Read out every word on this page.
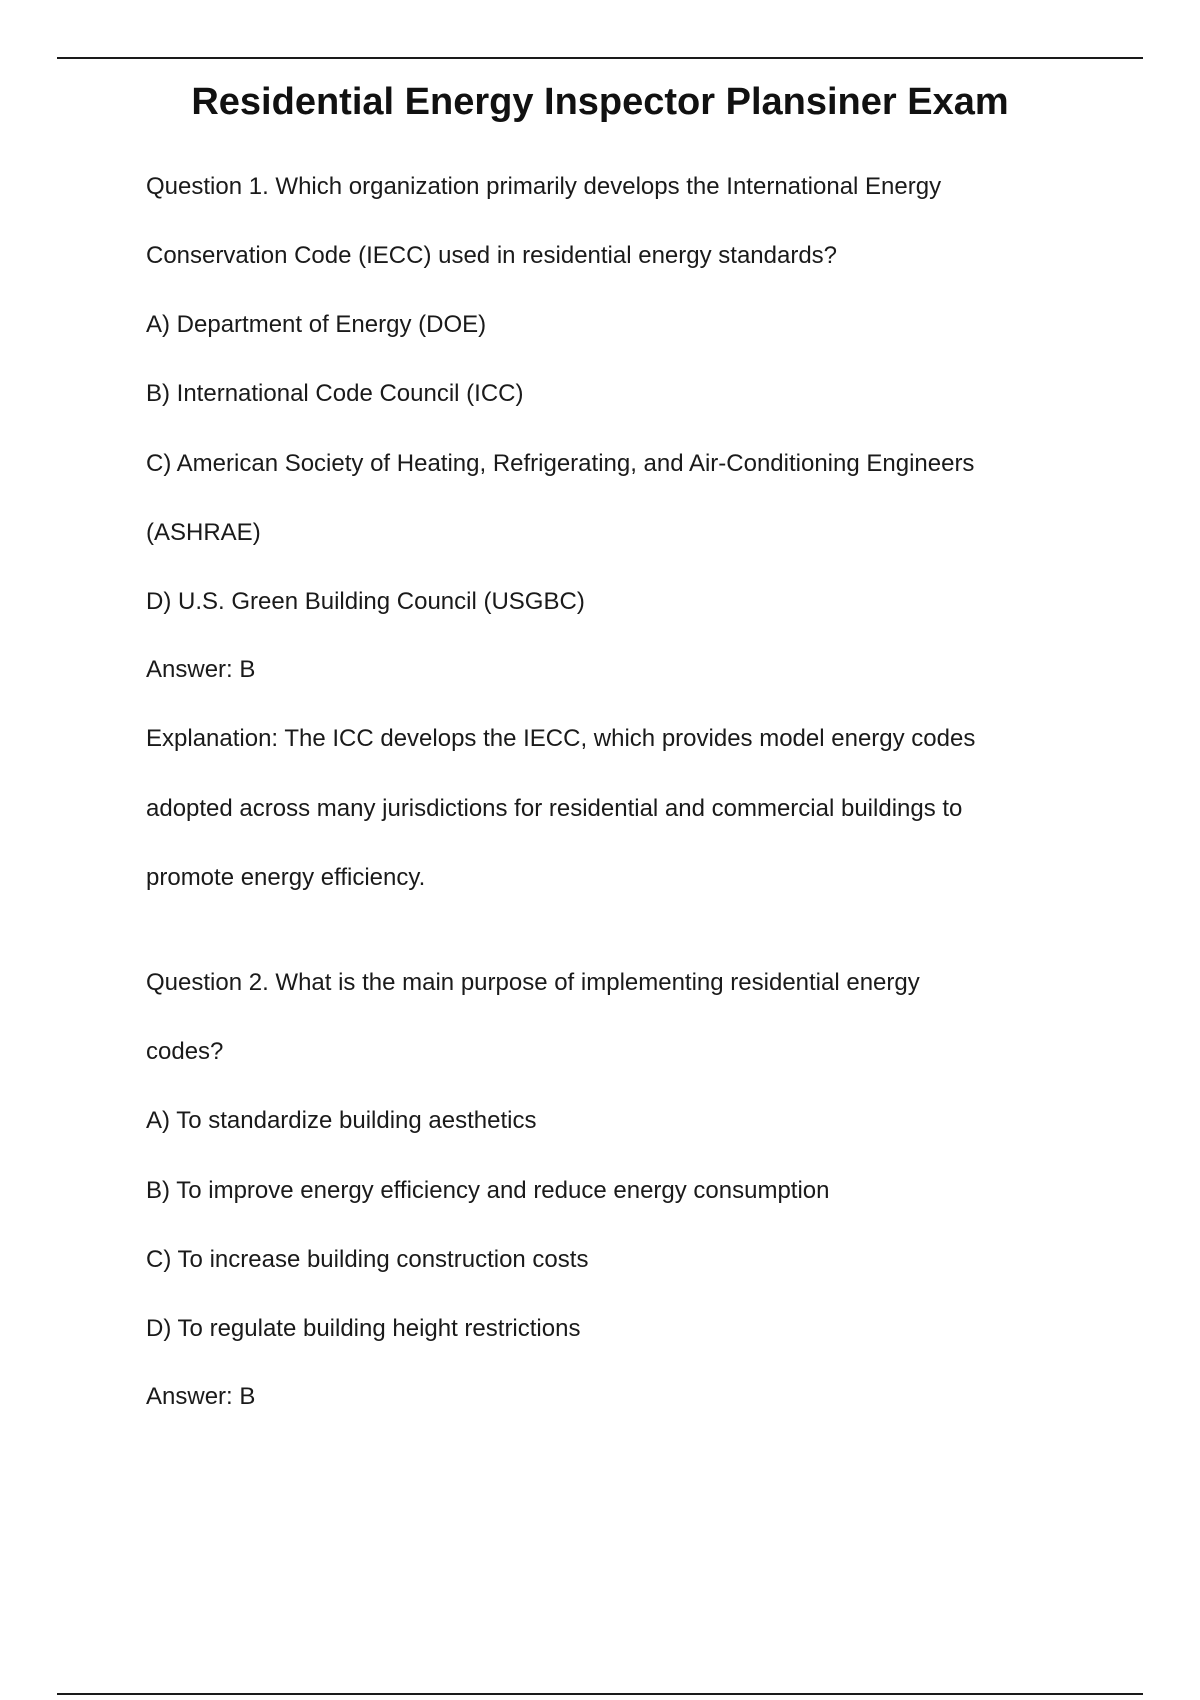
Residential Energy Inspector Plansiner Exam
Question 1. Which organization primarily develops the International Energy
Conservation Code (IECC) used in residential energy standards?
A) Department of Energy (DOE)
B) International Code Council (ICC)
C) American Society of Heating, Refrigerating, and Air-Conditioning Engineers
(ASHRAE)
D) U.S. Green Building Council (USGBC)
Answer: B
Explanation: The ICC develops the IECC, which provides model energy codes
adopted across many jurisdictions for residential and commercial buildings to
promote energy efficiency.
Question 2. What is the main purpose of implementing residential energy
codes?
A) To standardize building aesthetics
B) To improve energy efficiency and reduce energy consumption
C) To increase building construction costs
D) To regulate building height restrictions
Answer: B
